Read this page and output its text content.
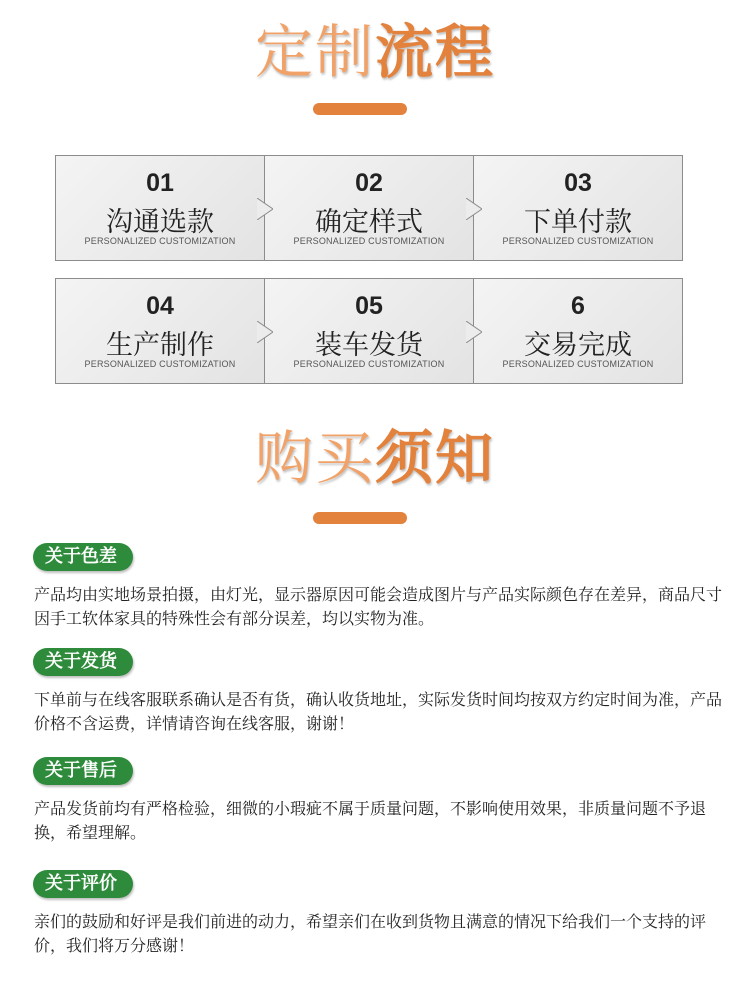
定制流程
01
沟通选款
PERSONALIZED CUSTOMIZATION
02
确定样式
PERSONALIZED CUSTOMIZATION
03
下单付款
PERSONALIZED CUSTOMIZATION
04
生产制作
PERSONALIZED CUSTOMIZATION
05
装车发货
PERSONALIZED CUSTOMIZATION
6
交易完成
PERSONALIZED CUSTOMIZATION
购买须知
关于色差

产品均由实地场景拍摄，由灯光，显示器原因可能会造成图片与产品实际颜色存在差异，商品尺寸因手工软体家具的特殊性会有部分误差，均以实物为准。

关于发货

下单前与在线客服联系确认是否有货，确认收货地址，实际发货时间均按双方约定时间为准，产品价格不含运费，详情请咨询在线客服，谢谢！

关于售后

产品发货前均有严格检验，细微的小瑕疵不属于质量问题，不影响使用效果，非质量问题不予退换，希望理解。

关于评价

亲们的鼓励和好评是我们前进的动力，希望亲们在收到货物且满意的情况下给我们一个支持的评价，我们将万分感谢！
